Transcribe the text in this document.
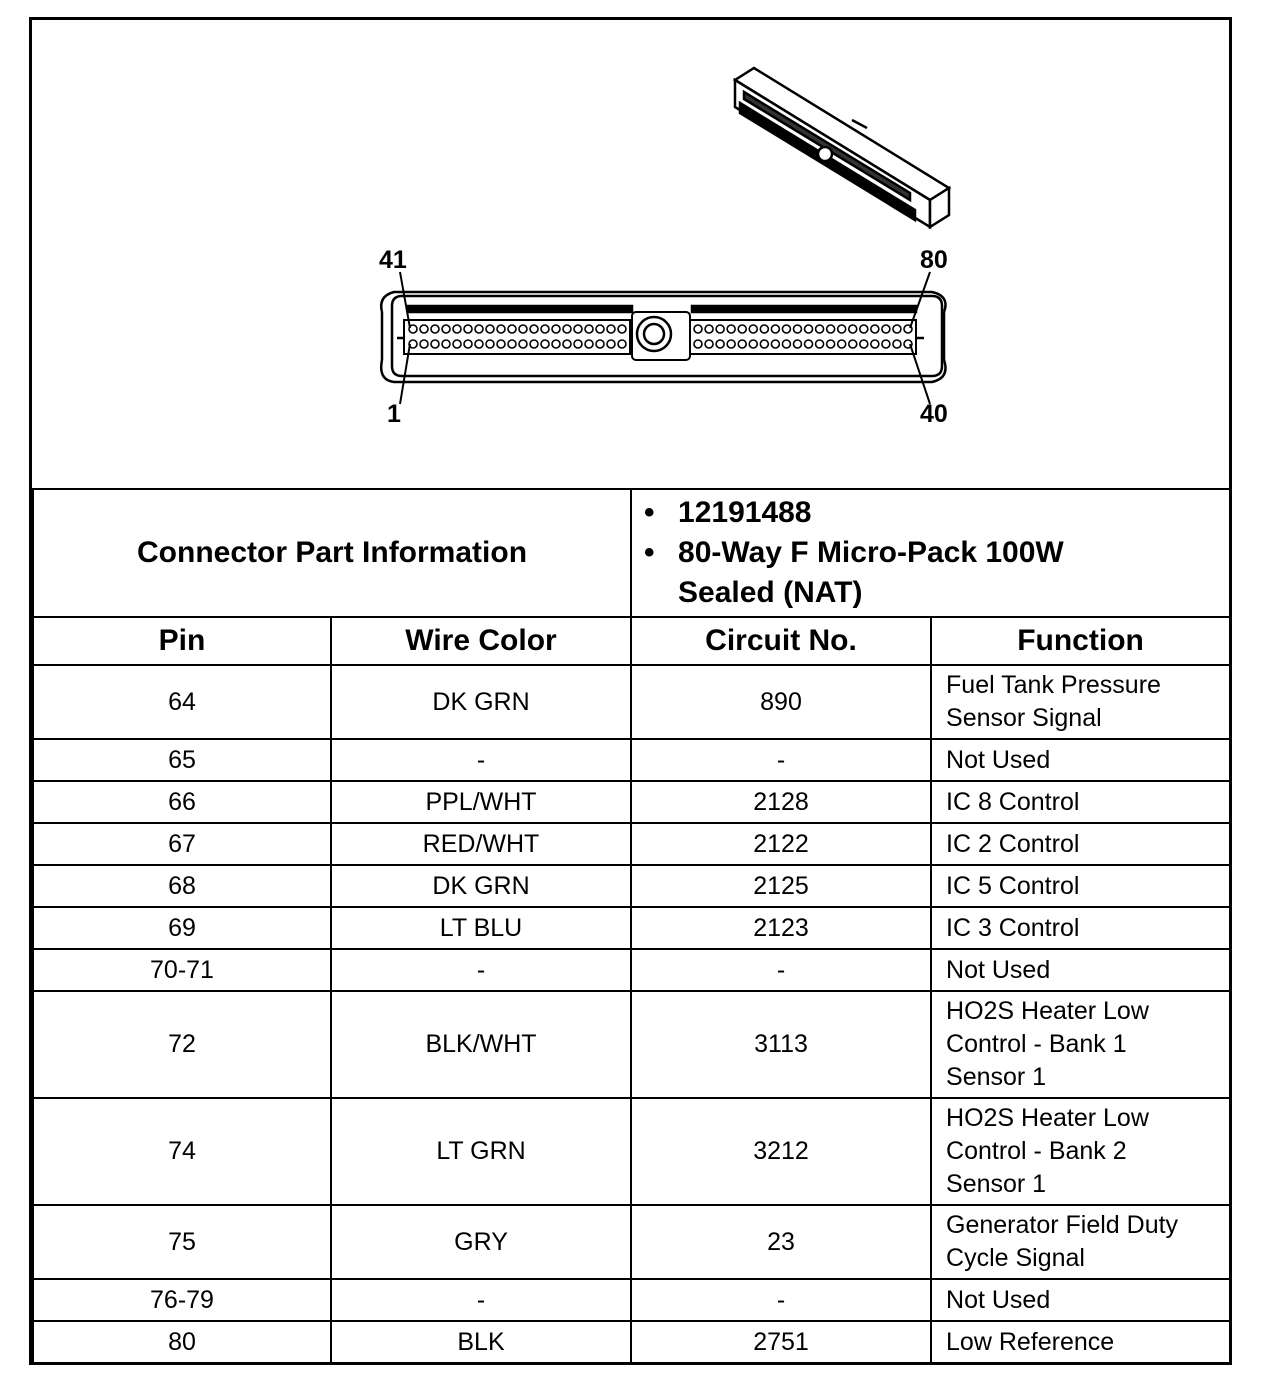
41	80
1	40
Connector Part Information		• 12191488
• 80-Way F Micro-Pack 100W
Sealed (NAT)	

Pin	Wire Color	Circuit No.	Function
64	DK GRN	890	Fuel Tank Pressure
Sensor Signal

65	-	-	Not Used

66	PPL/WHT	2128	IC 8 Control

67	RED/WHT	2122	IC 2 Control

68	DK GRN	2125	IC 5 Control

69	LT BLU	2123	IC 3 Control

70-71	-	-	Not Used

72	BLK/WHT	3113	HO2S Heater Low
Control - Bank 1
Sensor 1

74	LT GRN	3212	HO2S Heater Low
Control - Bank 2
Sensor 1

75	GRY	23	Generator Field Duty
Cycle Signal

76-79	-	-	Not Used

80	BLK	2751	Low Reference
